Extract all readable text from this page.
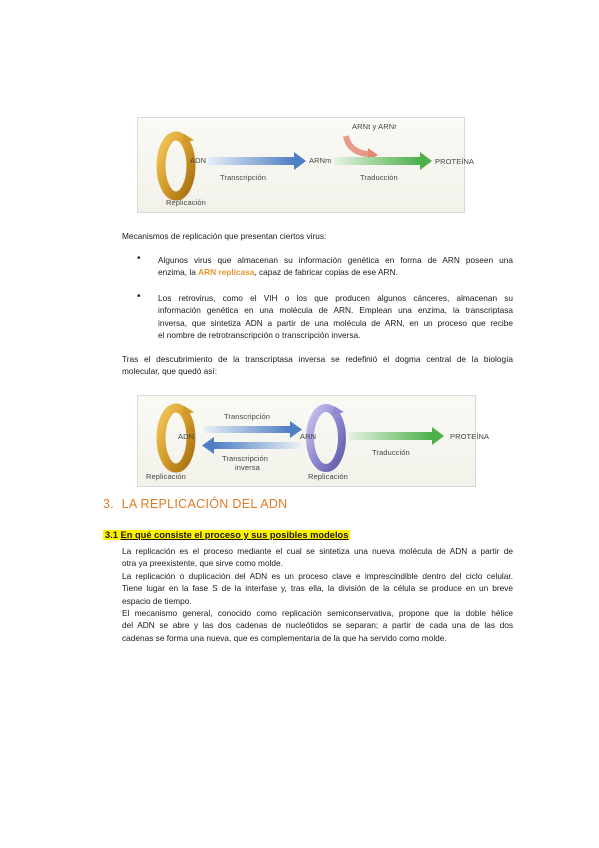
ADN
Transcripción
ARNm
ARNt y ARNr
Traducción
PROTEÍNA
Replicación
Mecanismos de replicación que presentan ciertos virus:
• Algunos virus que almacenan su información genética en forma de ARN poseen una
enzima, la ARN replicasa, capaz de fabricar copias de ese ARN.
• Los retrovirus, como el VIH o los que producen algunos cánceres, almacenan su
información genética en una molécula de ARN. Emplean una enzima, la transcriptasa
inversa, que sintetiza ADN a partir de una molécula de ARN, en un proceso que recibe
el nombre de retrotranscripción o transcripción inversa.
Tras el descubrimiento de la transcriptasa inversa se redefinió el dogma central de la biología
molecular, que quedó así:
ADN
Transcripción
Transcripción
inversa
ARN
Traducción
PROTEÍNA
Replicación	Replicación
3. LA REPLICACIÓN DEL ADN
3.1 En qué consiste el proceso y sus posibles modelos
La replicación es el proceso mediante el cual se sintetiza una nueva molécula de ADN a partir de
otra ya preexistente, que sirve como molde.
La replicación o duplicación del ADN es un proceso clave e imprescindible dentro del ciclo celular.
Tiene lugar en la fase S de la interfase y, tras ella, la división de la célula se produce en un breve
espacio de tiempo.
El mecanismo general, conocido como replicación semiconservativa, propone que la doble hélice
del ADN se abre y las dos cadenas de nucleótidos se separan; a partir de cada una de las dos
cadenas se forma una nueva, que es complementaria de la que ha servido como molde.
